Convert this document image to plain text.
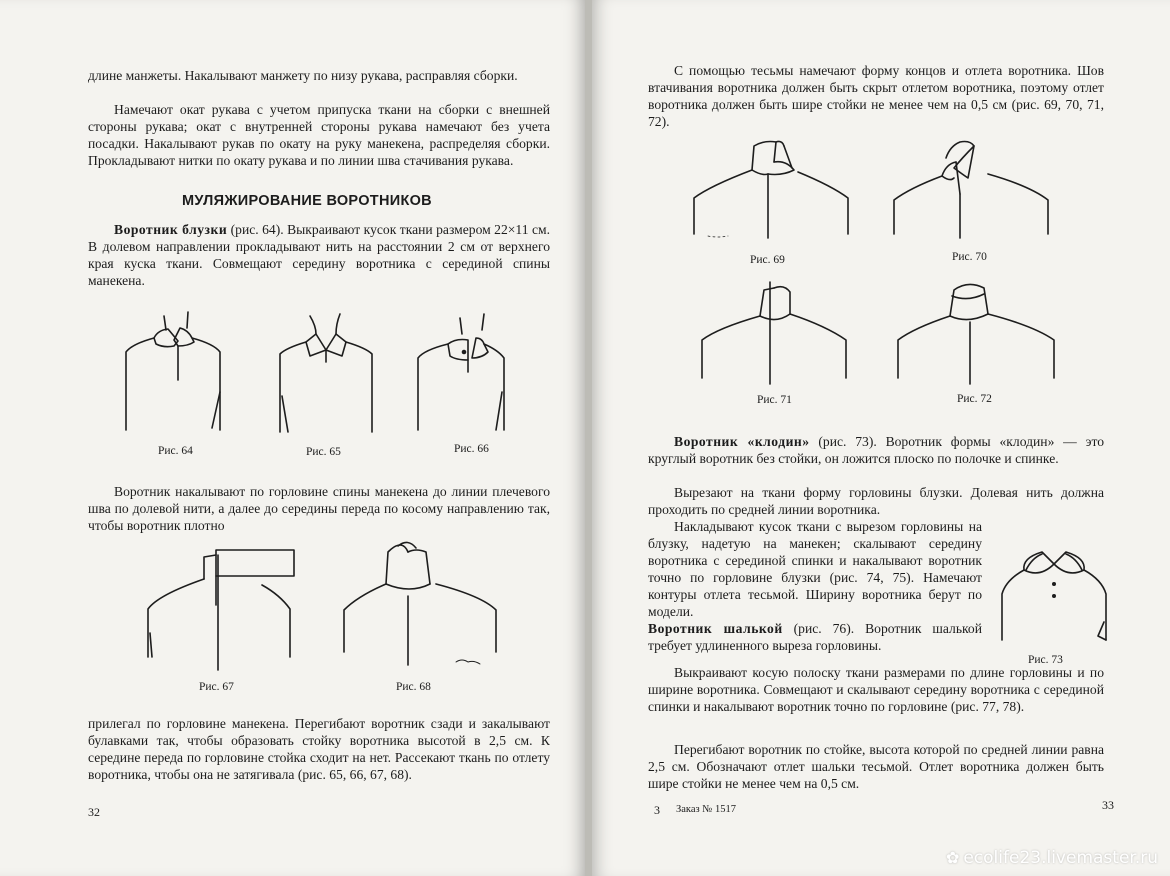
длине манжеты. Накалывают манжету по низу рукава, расправляя сборки.

Намечают окат рукава с учетом припуска ткани на сборки с внешней стороны рукава; окат с внутренней стороны рукава намечают без учета посадки. Накалывают рукав по окату на руку манекена, распределяя сборки. Прокладывают нитки по окату рукава и по линии шва стачивания рукава.

МУЛЯЖИРОВАНИЕ ВОРОТНИКОВ

Воротник блузки (рис. 64). Выкраивают кусок ткани размером 22×11 см. В долевом направлении прокладывают нить на расстоянии 2 см от верхнего края куска ткани. Совмещают середину воротника с серединой спины манекена.

Рис. 64	Рис. 65	Рис. 66

Воротник накалывают по горловине спины манекена до линии плечевого шва по долевой нити, а далее до середины переда по косому направлению так, чтобы воротник плотно

Рис. 67	Рис. 68

прилегал по горловине манекена. Перегибают воротник сзади и закалывают булавками так, чтобы образовать стойку воротника высотой в 2,5 см. К середине переда по горловине стойка сходит на нет. Рассекают ткань по отлету воротника, чтобы она не затягивала (рис. 65, 66, 67, 68).

32

С помощью тесьмы намечают форму концов и отлета воротника. Шов втачивания воротника должен быть скрыт отлетом воротника, поэтому отлет воротника должен быть шире стойки не менее чем на 0,5 см (рис. 69, 70, 71, 72).

Рис. 69	Рис. 70
Рис. 71	Рис. 72

Воротник «клодин» (рис. 73). Воротник формы «клодин» — это круглый воротник без стойки, он ложится плоско по полочке и спинке.

Вырезают на ткани форму горловины блузки. Долевая нить должна проходить по средней линии воротника.

Накладывают кусок ткани с вырезом горловины на блузку, надетую на манекен; скалывают середину воротника с серединой спинки и накалывают воротник точно по горловине блузки (рис. 74, 75). Намечают контуры отлета тесьмой. Ширину воротника берут по модели.

Воротник шалькой (рис. 76). Воротник шалькой требует удлиненного выреза горловины.

Выкраивают косую полоску ткани размерами по длине горловины и по ширине воротника. Совмещают и скалывают середину воротника с серединой спинки и накалывают воротник точно по горловине (рис. 77, 78).

Перегибают воротник по стойке, высота которой по средней линии равна 2,5 см. Обозначают отлет шальки тесьмой. Отлет воротника должен быть шире стойки не менее чем на 0,5 см.

Рис. 73
3 Заказ № 1517	33
✿ ecolife23.livemaster.ru
